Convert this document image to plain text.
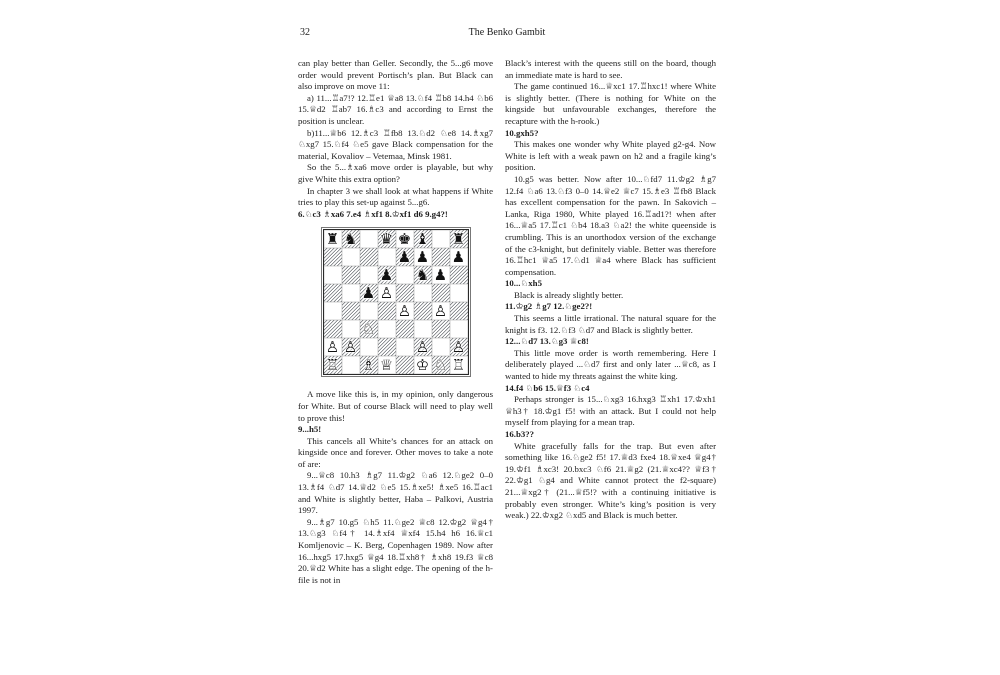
32	The Benko Gambit

can play better than Geller. Secondly, the 5...g6 move order would prevent Portisch’s plan. But Black can also improve on move 11:

a) 11...♖a7!? 12.♖e1 ♕a8 13.♘f4 ♖b8 14.h4 ♘b6 15.♕d2 ♖ab7 16.♗c3 and according to Ernst the position is unclear.

b)11...♕b6 12.♗c3 ♖fb8 13.♘d2 ♘e8 14.♗xg7 ♘xg7 15.♘f4 ♘e5 gave Black compensation for the material, Kovaliov – Vetemaa, Minsk 1981.

So the 5...♗xa6 move order is playable, but why give White this extra option?

In chapter 3 we shall look at what happens if White tries to play this set-up against 5...g6.

6.♘c3 ♗xa6 7.e4 ♗xf1 8.♔xf1 d6 9.g4?!

♜ ♞ ♛ ♚ ♝ ♜
♟ ♟ ♟
♟ ♞ ♟
♟ ♙
♙ ♙
♘
♙ ♙	♙ ♙
♖ ♗ ♕ ♔ ♘ ♖

A move like this is, in my opinion, only dangerous for White. But of course Black will need to play well to prove this!

9...h5!

This cancels all White’s chances for an attack on kingside once and forever. Other moves to take a note of are:

9...♕c8 10.h3 ♗g7 11.♔g2 ♘a6 12.♘ge2 0–0 13.♗f4 ♘d7 14.♕d2 ♘e5 15.♗xe5! ♗xe5 16.♖ac1 and White is slightly better, Haba – Palkovi, Austria 1997.

9...♗g7 10.g5 ♘h5 11.♘ge2 ♕c8 12.♔g2 ♕g4† 13.♘g3 ♘f4† 14.♗xf4 ♕xf4 15.h4 h6 16.♕c1 Komljenovic – K. Berg, Copenhagen 1989. Now after 16...hxg5 17.hxg5 ♕g4 18.♖xh8† ♗xh8 19.f3 ♕c8 20.♕d2 White has a slight edge. The opening of the h-file is not in

Black’s interest with the queens still on the board, though an immediate mate is hard to see.

The game continued 16...♕xc1 17.♖hxc1! where White is slightly better. (There is nothing for White on the kingside but unfavourable exchanges, therefore the recapture with the h-rook.)

10.gxh5?

This makes one wonder why White played g2-g4. Now White is left with a weak pawn on h2 and a fragile king’s position.

10.g5 was better. Now after 10...♘fd7 11.♔g2 ♗g7 12.f4 ♘a6 13.♘f3 0–0 14.♕e2 ♕c7 15.♗e3 ♖fb8 Black has excellent compensation for the pawn. In Sakovich – Lanka, Riga 1980, White played 16.♖ad1?! when after 16...♕a5 17.♖c1 ♘b4 18.a3 ♘a2! the white queenside is crumbling. This is an unorthodox version of the exchange of the c3-knight, but definitely viable. Better was therefore 16.♖hc1 ♕a5 17.♘d1 ♕a4 where Black has sufficient compensation.

10...♘xh5

Black is already slightly better.

11.♔g2 ♗g7 12.♘ge2?!

This seems a little irrational. The natural square for the knight is f3. 12.♘f3 ♘d7 and Black is slightly better.

12...♘d7 13.♘g3 ♕c8!

This little move order is worth remembering. Here I deliberately played ...♘d7 first and only later ...♕c8, as I wanted to hide my threats against the white king.

14.f4 ♘b6 15.♕f3 ♘c4

Perhaps stronger is 15...♘xg3 16.hxg3 ♖xh1 17.♔xh1 ♕h3† 18.♔g1 f5! with an attack. But I could not help myself from playing for a mean trap.

16.b3??

White gracefully falls for the trap. But even after something like 16.♘ge2 f5! 17.♕d3 fxe4 18.♕xe4 ♕g4† 19.♔f1 ♗xc3! 20.bxc3 ♘f6 21.♕g2 (21.♕xc4?? ♕f3† 22.♔g1 ♘g4 and White cannot protect the f2-square) 21...♕xg2† (21...♕f5!? with a continuing initiative is probably even stronger. White’s king’s position is very weak.) 22.♔xg2 ♘xd5 and Black is much better.
